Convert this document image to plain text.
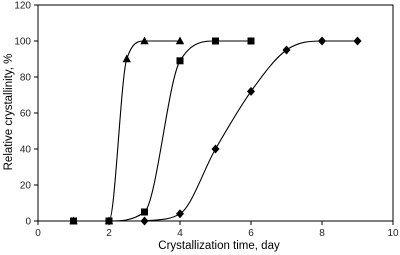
0	2	4	6	8	10
0
20
40
60
80
100
120
Crystallization time, day
Relative crystallinity, %
